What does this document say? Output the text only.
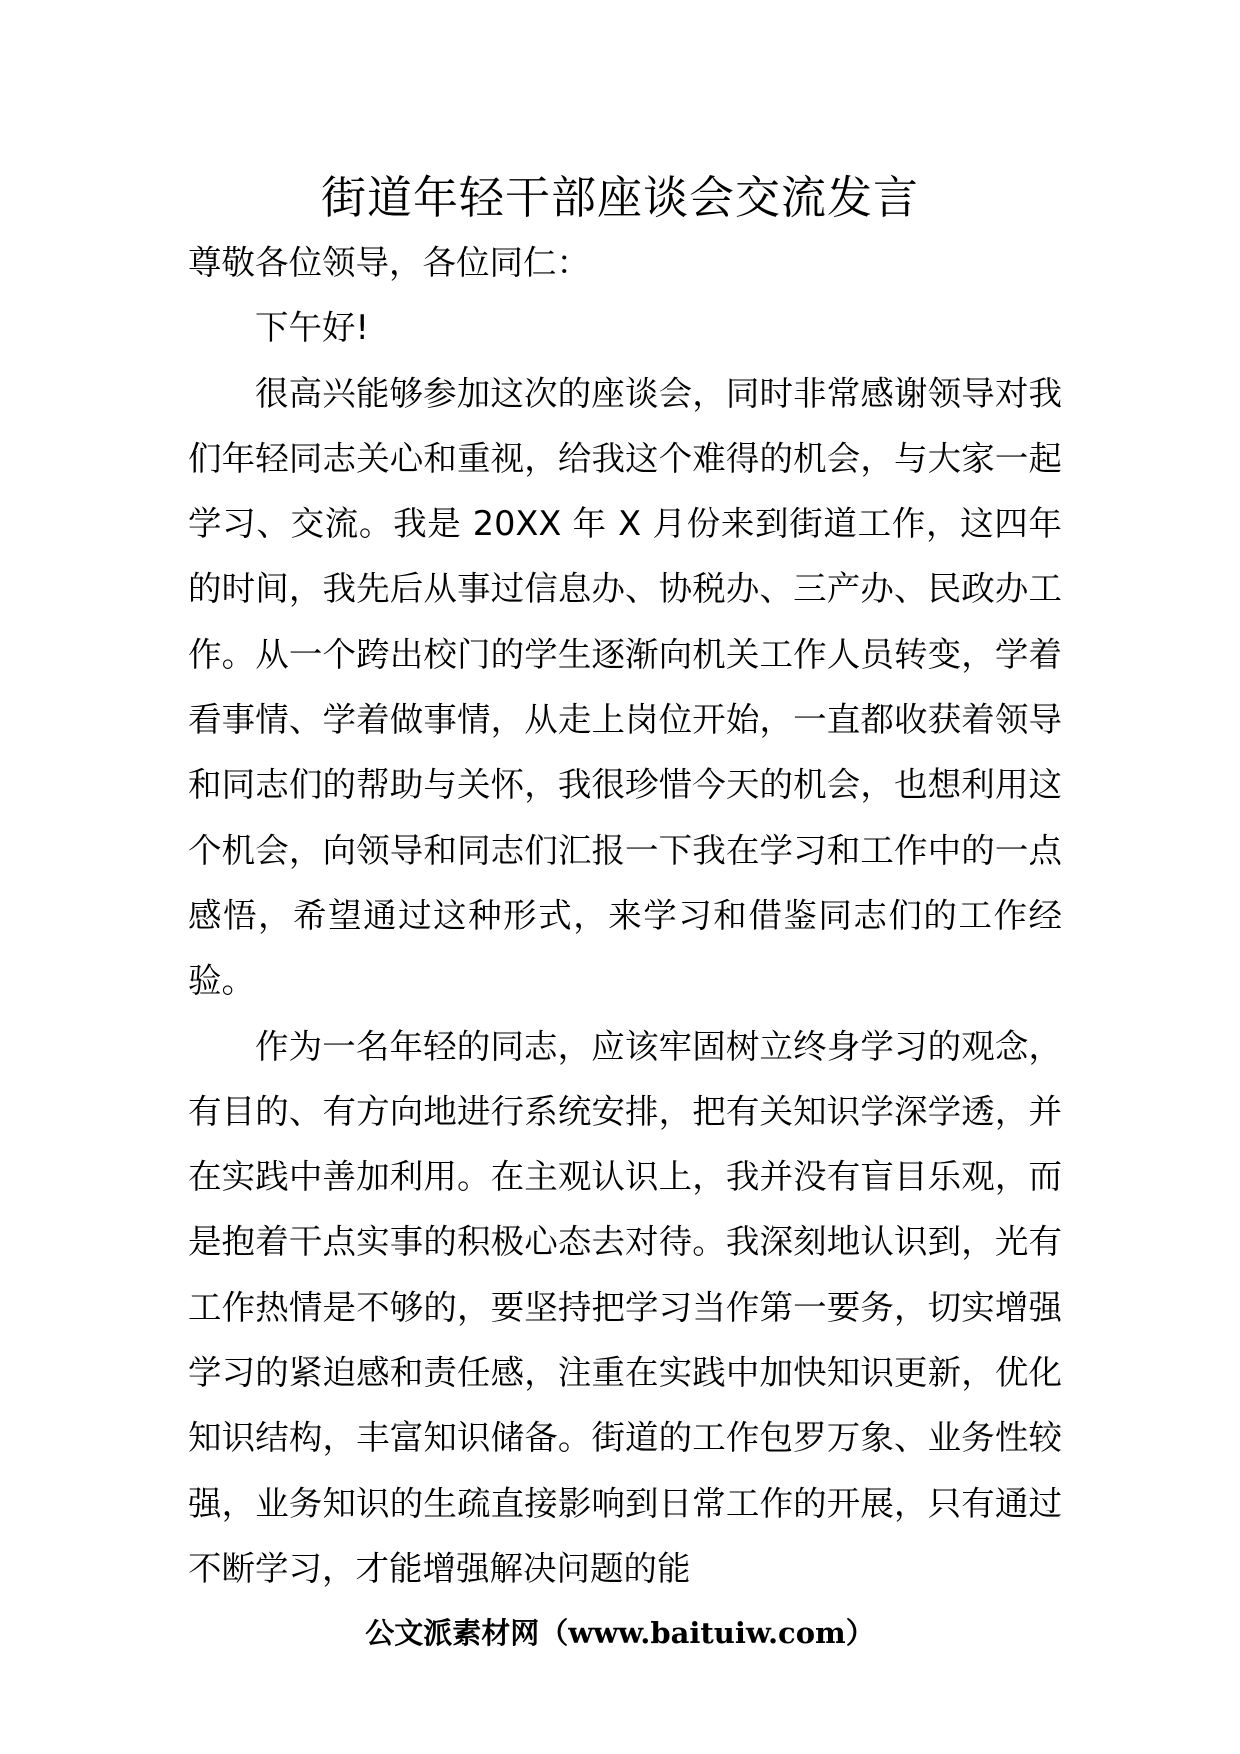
街道年轻干部座谈会交流发言

尊敬各位领导，各位同仁：

下午好!

很高兴能够参加这次的座谈会，同时非常感谢领导对我们年轻同志关心和重视，给我这个难得的机会，与大家一起学习、交流。我是 20XX 年 X 月份来到街道工作，这四年的时间，我先后从事过信息办、协税办、三产办、民政办工作。从一个跨出校门的学生逐渐向机关工作人员转变，学着看事情、学着做事情，从走上岗位开始，一直都收获着领导和同志们的帮助与关怀，我很珍惜今天的机会，也想利用这个机会，向领导和同志们汇报一下我在学习和工作中的一点感悟，希望通过这种形式，来学习和借鉴同志们的工作经验。

作为一名年轻的同志，应该牢固树立终身学习的观念，有目的、有方向地进行系统安排，把有关知识学深学透，并在实践中善加利用。在主观认识上，我并没有盲目乐观，而是抱着干点实事的积极心态去对待。我深刻地认识到，光有工作热情是不够的，要坚持把学习当作第一要务，切实增强学习的紧迫感和责任感，注重在实践中加快知识更新，优化知识结构，丰富知识储备。街道的工作包罗万象、业务性较强，业务知识的生疏直接影响到日常工作的开展，只有通过不断学习，才能增强解决问题的能

公文派素材网（www.baituiw.com）
